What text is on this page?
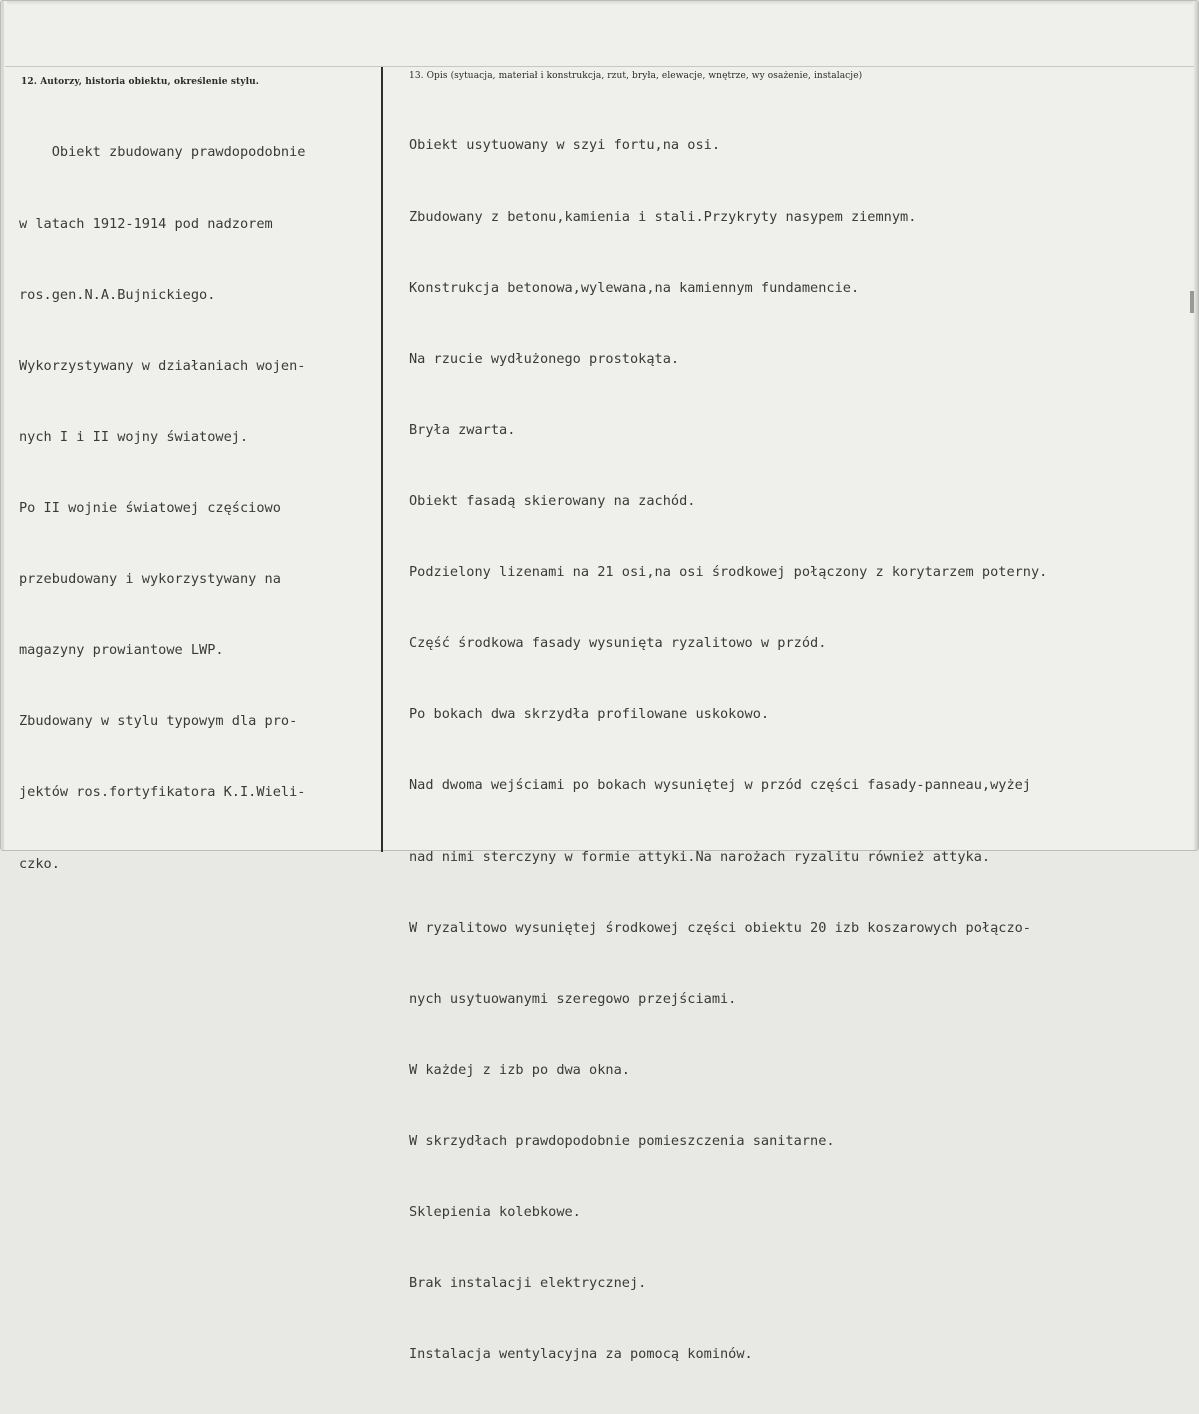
12. Autorzy, historia obiektu, określenie stylu.
13. Opis (sytuacja, materiał i konstrukcja, rzut, bryła, elewacje, wnętrze, wy osażenie, instalacje)

Obiekt zbudowany prawdopodobnie

w latach 1912-1914 pod nadzorem

ros.gen.N.A.Bujnickiego.

Wykorzystywany w działaniach wojen-

nych I i II wojny światowej.

Po II wojnie światowej częściowo

przebudowany i wykorzystywany na

magazyny prowiantowe LWP.

Zbudowany w stylu typowym dla pro-

jektów ros.fortyfikatora K.I.Wieli-

czko.

Obiekt usytuowany w szyi fortu,na osi.

Zbudowany z betonu,kamienia i stali.Przykryty nasypem ziemnym.

Konstrukcja betonowa,wylewana,na kamiennym fundamencie.

Na rzucie wydłużonego prostokąta.

Bryła zwarta.

Obiekt fasadą skierowany na zachód.

Podzielony lizenami na 21 osi,na osi środkowej połączony z korytarzem poterny.

Część środkowa fasady wysunięta ryzalitowo w przód.

Po bokach dwa skrzydła profilowane uskokowo.

Nad dwoma wejściami po bokach wysuniętej w przód części fasady-panneau,wyżej

nad nimi sterczyny w formie attyki.Na narożach ryzalitu również attyka.

W ryzalitowo wysuniętej środkowej części obiektu 20 izb koszarowych połączo-

nych usytuowanymi szeregowo przejściami.

W każdej z izb po dwa okna.

W skrzydłach prawdopodobnie pomieszczenia sanitarne.

Sklepienia kolebkowe.

Brak instalacji elektrycznej.

Instalacja wentylacyjna za pomocą kominów.
